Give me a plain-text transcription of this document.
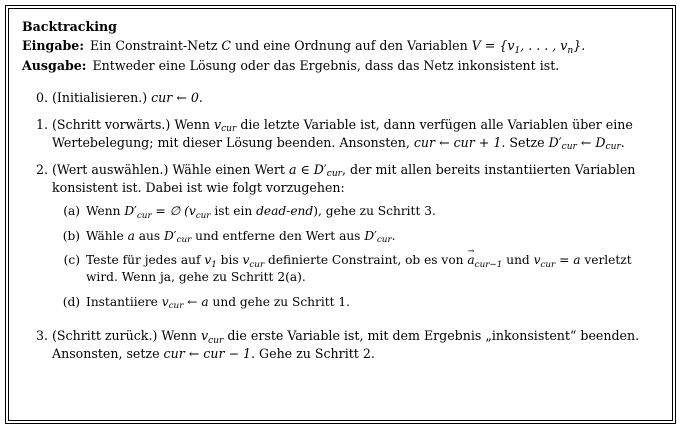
Backtracking
Eingabe: Ein Constraint-Netz C und eine Ordnung auf den Variablen $V = \{v_1$, . . . , $v_n$}.
Ausgabe: Entweder eine Lösung oder das Ergebnis, dass das Netz inkonsistent ist.
0. (Initialisieren.) cur ← 0.
1. (Schritt vorwärts.) Wenn $v_{cur}$ die letzte Variable ist, dann verfügen alle Variablen über eine Wertebelegung; mit dieser Lösung beenden. Ansonsten, cur ← cur + 1. Setze $D'_{cur}$ ← $D_{cur}$.
2. (Wert auswählen.) Wähle einen Wert a ∈ $D'_{cur}$, der mit allen bereits instantiierten Variablen konsistent ist. Dabei ist wie folgt vorzugehen:
(a) Wenn $D'_{cur}$ = ∅ ($v_{cur}$ ist ein dead-end), gehe zu Schritt 3.
(b) Wähle a aus $D'_{cur}$ und entferne den Wert aus $D'_{cur}$.
(c) Teste für jedes auf $v_1$ bis $v_{cur}$ definierte Constraint, ob es von → $a_{cur-1}$ und $v_{cur} = a$ verletzt wird. Wenn ja, gehe zu Schritt 2(a).
(d) Instantiiere $v_{cur}$ ← a und gehe zu Schritt 1.
3. (Schritt zurück.) Wenn $v_{cur}$ die erste Variable ist, mit dem Ergebnis „inkonsistent“ beenden. Ansonsten, setze cur ← cur − 1. Gehe zu Schritt 2.
